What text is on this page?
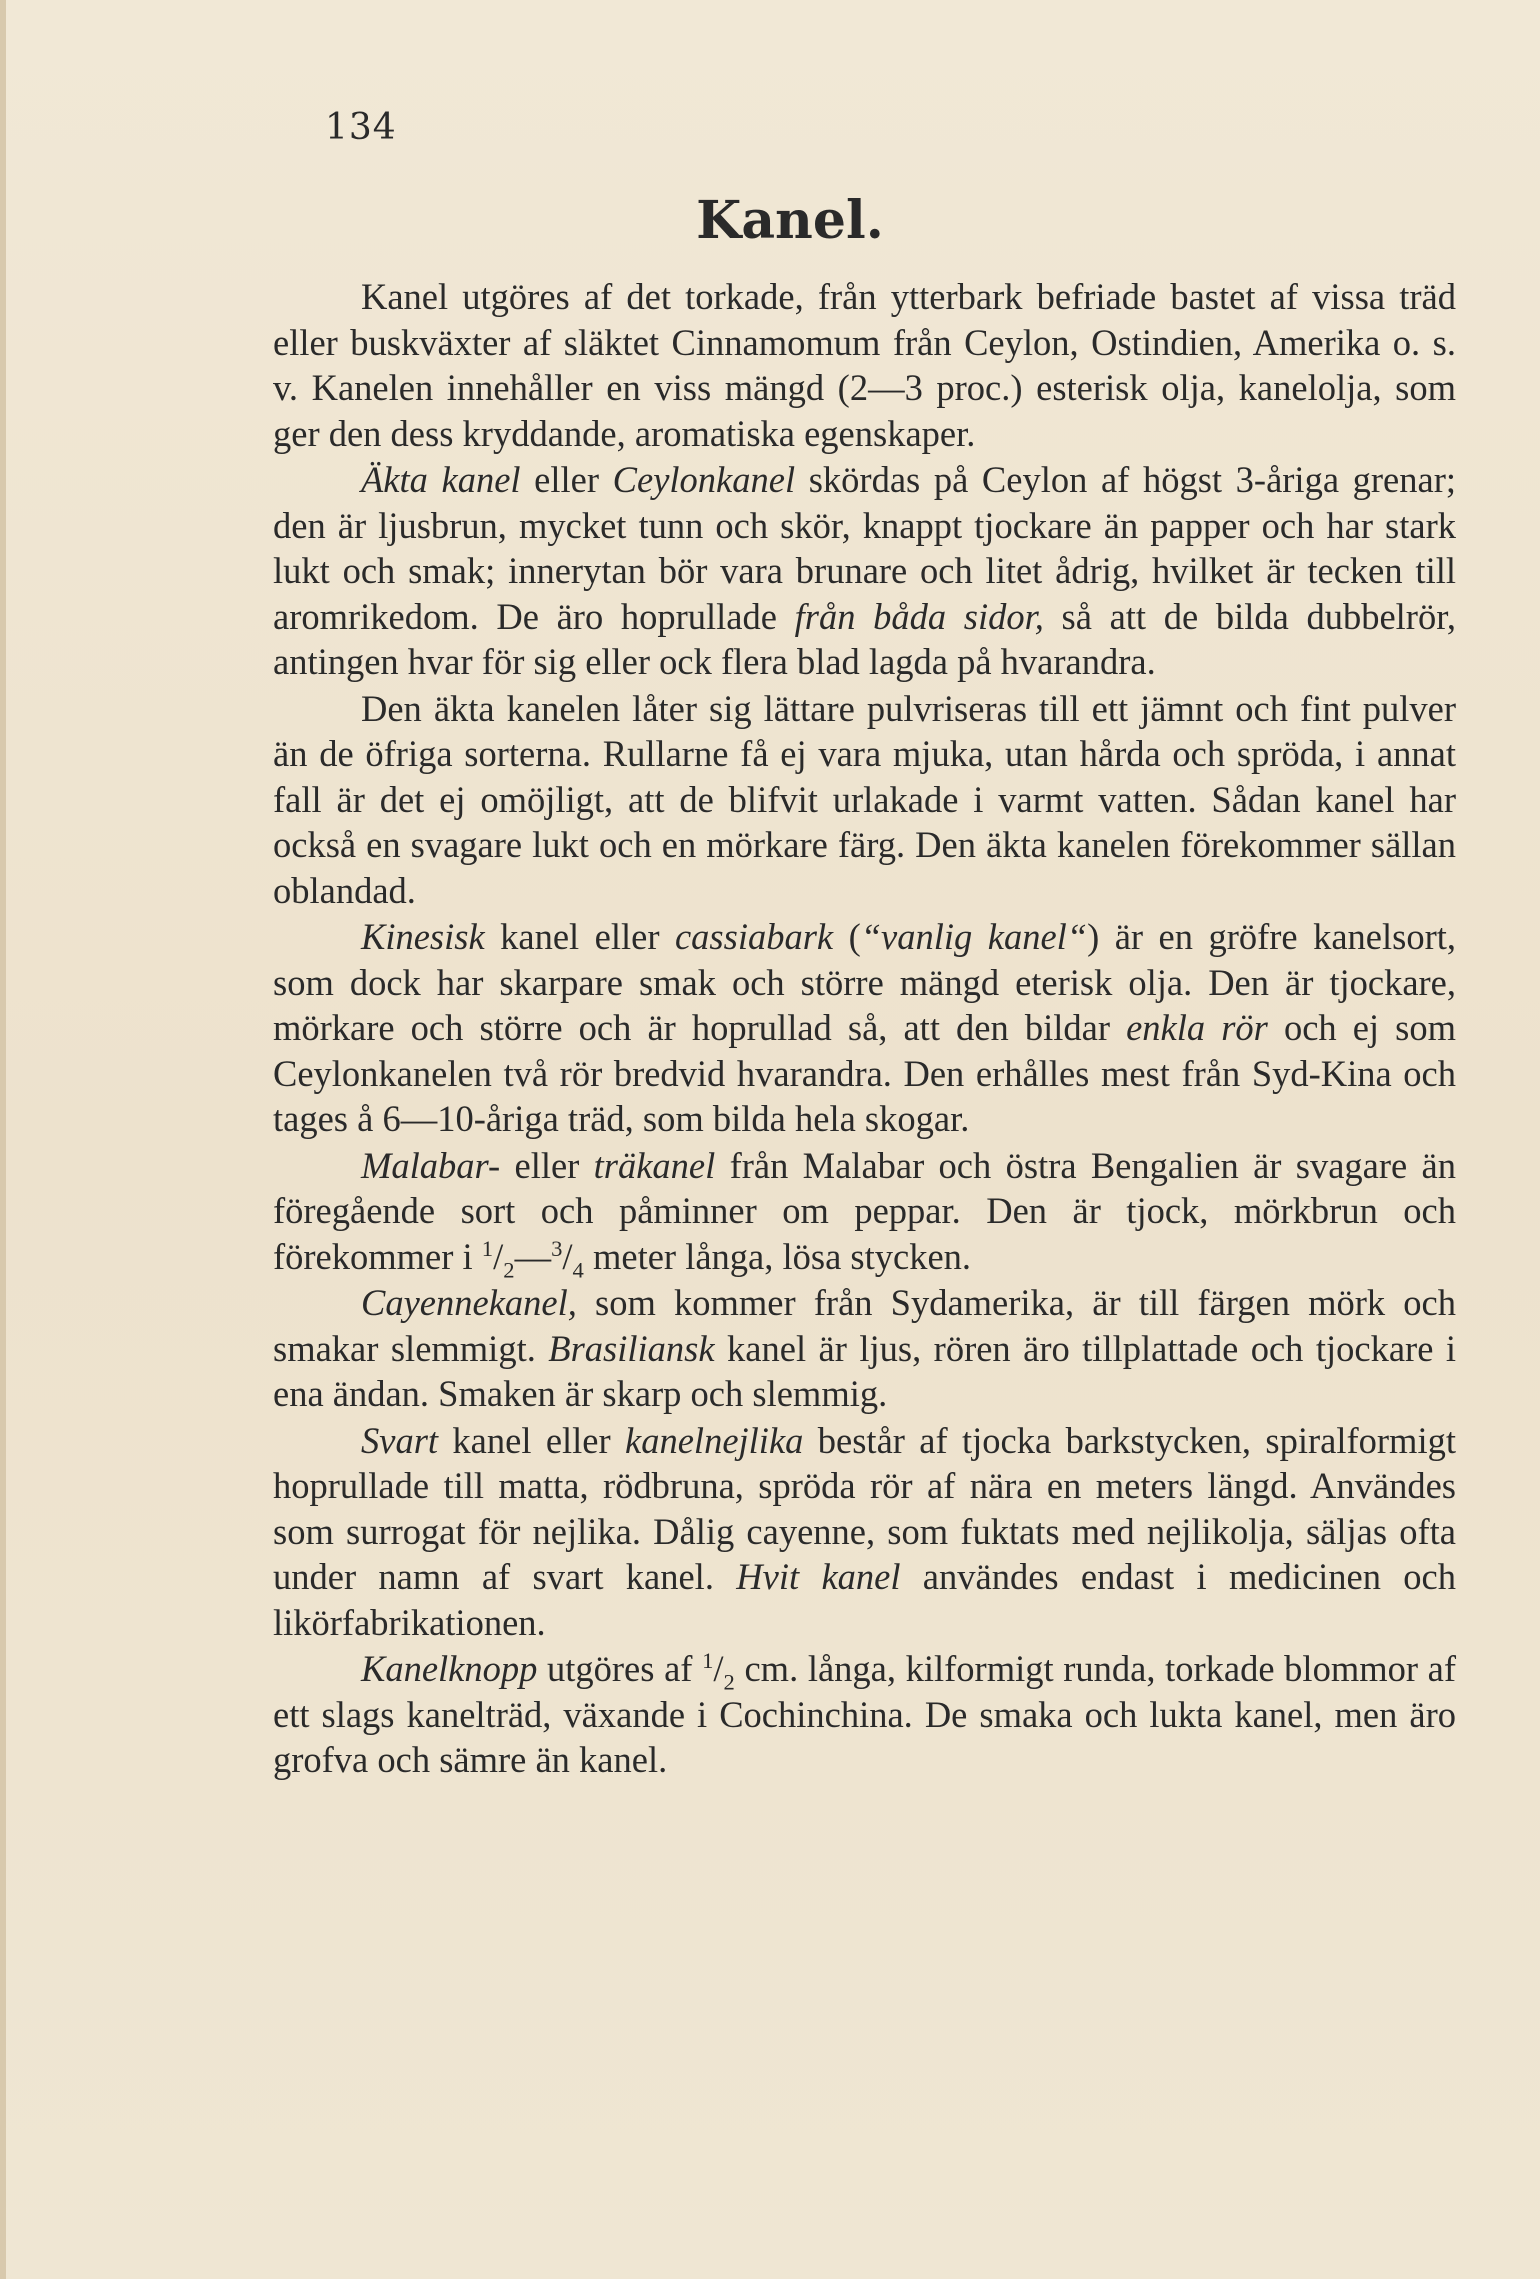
134
Kanel.

Kanel utgöres af det torkade, från ytterbark befriade bastet af vissa träd eller buskväxter af släktet Cinnamomum från Ceylon, Ostindien, Amerika o. s. v. Kanelen innehåller en viss mängd (2—3 proc.) esterisk olja, kanelolja, som ger den dess kryddande, aromatiska egenskaper.

Äkta kanel eller Ceylonkanel skördas på Ceylon af högst 3-åriga grenar; den är ljusbrun, mycket tunn och skör, knappt tjockare än papper och har stark lukt och smak; innerytan bör vara brunare och litet ådrig, hvilket är tecken till aromrikedom. De äro hoprullade från båda sidor, så att de bilda dubbelrör, antingen hvar för sig eller ock flera blad lagda på hvarandra.

Den äkta kanelen låter sig lättare pulvriseras till ett jämnt och fint pulver än de öfriga sorterna. Rullarne få ej vara mjuka, utan hårda och spröda, i annat fall är det ej omöjligt, att de blifvit urlakade i varmt vatten. Sådan kanel har också en svagare lukt och en mörkare färg. Den äkta kanelen förekommer sällan oblandad.

Kinesisk kanel eller cassiabark (“vanlig kanel“) är en gröfre kanelsort, som dock har skarpare smak och större mängd eterisk olja. Den är tjockare, mörkare och större och är hoprullad så, att den bildar enkla rör och ej som Ceylonkanelen två rör bredvid hvarandra. Den erhålles mest från Syd-Kina och tages å 6—10-åriga träd, som bilda hela skogar.

Malabar- eller träkanel från Malabar och östra Bengalien är svagare än föregående sort och påminner om peppar. Den är tjock, mörkbrun och förekommer i $^1/_2—^3/_4$ meter långa, lösa stycken.

Cayennekanel, som kommer från Sydamerika, är till färgen mörk och smakar slemmigt. Brasiliansk kanel är ljus, rören äro tillplattade och tjockare i ena ändan. Smaken är skarp och slemmig.

Svart kanel eller kanelnejlika består af tjocka barkstycken, spiralformigt hoprullade till matta, rödbruna, spröda rör af nära en meters längd. Användes som surrogat för nejlika. Dålig cayenne, som fuktats med nejlikolja, säljas ofta under namn af svart kanel. Hvit kanel användes endast i medicinen och likörfabrikationen.

Kanelknopp utgöres af $^1/_2$ cm. långa, kilformigt runda, torkade blommor af ett slags kanelträd, växande i Cochinchina. De smaka och lukta kanel, men äro grofva och sämre än kanel.
